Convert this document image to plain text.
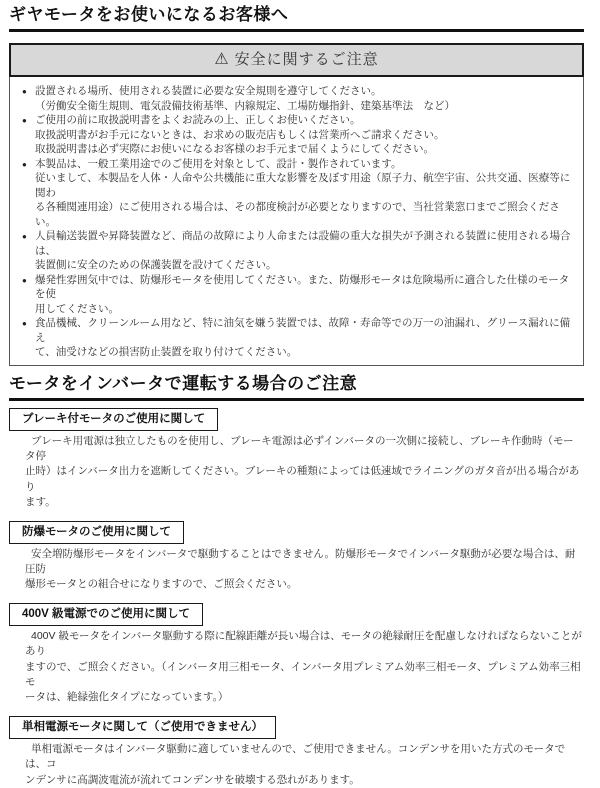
ギヤモータをお使いになるお客様へ
⚠ 安全に関するご注意
● 設置される場所、使用される装置に必要な安全規則を遵守してください。
（労働安全衛生規則、電気設備技術基準、内線規定、工場防爆指針、建築基準法　など）
● ご使用の前に取扱説明書をよくお読みの上、正しくお使いください。
取扱説明書がお手元にないときは、お求めの販売店もしくは営業所へご請求ください。
取扱説明書は必ず実際にお使いになるお客様のお手元まで届くようにしてください。
● 本製品は、一般工業用途でのご使用を対象として、設計・製作されています。
従いまして、本製品を人体・人命や公共機能に重大な影響を及ぼす用途（原子力、航空宇宙、公共交通、医療等に関わ
る各種関連用途）にご使用される場合は、その都度検討が必要となりますので、当社営業窓口までご照会ください。
● 人員輸送装置や昇降装置など、商品の故障により人命または設備の重大な損失が予測される装置に使用される場合は、
装置側に安全のための保護装置を設けてください。
● 爆発性雰囲気中では、防爆形モータを使用してください。また、防爆形モータは危険場所に適合した仕様のモータを使
用してください。
● 食品機械、クリーンルーム用など、特に油気を嫌う装置では、故障・寿命等での万一の油漏れ、グリース漏れに備え
て、油受けなどの損害防止装置を取り付けてください。
モータをインバータで運転する場合のご注意
ブレーキ付モータのご使用に関して
ブレーキ用電源は独立したものを使用し、ブレーキ電源は必ずインバータの一次側に接続し、ブレーキ作動時（モータ停
止時）はインバータ出力を遮断してください。ブレーキの種類によっては低速域でライニングのガタ音が出る場合があり
ます。
防爆モータのご使用に関して
安全増防爆形モータをインバータで駆動することはできません。防爆形モータでインバータ駆動が必要な場合は、耐圧防
爆形モータとの組合せになりますので、ご照会ください。
400V 級電源でのご使用に関して
400V 級モータをインバータ駆動する際に配線距離が長い場合は、モータの絶縁耐圧を配慮しなければならないことがあり
ますので、ご照会ください。（インバータ用三相モータ、インバータ用プレミアム効率三相モータ、プレミアム効率三相モ
ータは、絶縁強化タイプになっています。）
単相電源モータに関して（ご使用できません）
単相電源モータはインバータ駆動に適していませんので、ご使用できません。コンデンサを用いた方式のモータでは、コ
ンデンサに高調波電流が流れてコンデンサを破壊する恐れがあります。
